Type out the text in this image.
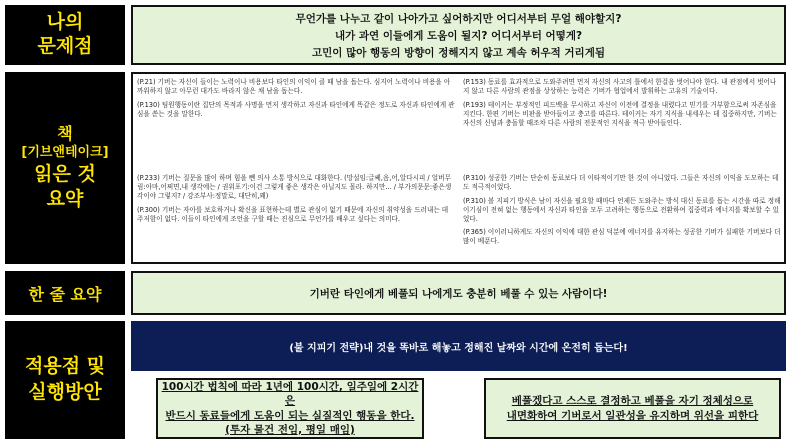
나의
문제점
무언가를 나누고 같이 나아가고 싶어하지만 어디서부터 무얼 해야할지?
내가 과연 이들에게 도움이 될지? 어디서부터 어떻게?
고민이 많아 행동의 방향이 정해지지 않고 계속 허우적 거리게됨
책
[기브앤테이크]
읽은 것
요약

(P.21) 기버는 자신이 들이는 노력이나 비용보다 타인의 이익이 클 때 남을 돕는다. 심지어 노력이나 비용을 아까워하지 않고 아무런 대가도 바라지 않은 채 남을 돕는다.

(P.130) 팀원행동이란 집단의 목적과 사명을 먼저 생각하고 자신과 타인에게 똑같은 정도로 자신과 타인에게 관심을 쏟는 것을 말한다.

(P.153) 동료를 효과적으로 도와주려면 먼저 자신의 사고의 틀에서 한걸음 벗어나야 한다. 내 관점에서 벗어나지 않고 다른 사람의 관점을 상상하는 능력은 기버가 협업에서 발휘하는 고유의 기술이다.

(P.193) 테이커는 부정적인 피드백을 무시하고 자신이 이전에 결정을 내렸다고 믿기를 거부함으로써 자존심을 지킨다. 한편 기버는 비판을 받아들이고 충고를 따른다. 테이커는 자기 지식을 내세우는 데 집중하지만, 기버는 자신의 신념과 충돌할 때조차 다른 사람의 전문적인 지식을 적극 받아들인다.

(P.233) 기버는 질문을 많이 하며 힘을 뺀 의사 소통 방식으로 대화한다. (망설임:글쎄,음,어,알다시피 / 얼버무림:아마,어쩌면,내 생각에는 / 권위포기:이건 그렇게 좋은 생각은 아닐지도 몰라. 하지만... / 부가의문문:좋은생각이야 그렇지? / 강조부사:정말로, 대단히,꽤)

(P.300) 기버는 자아를 보호하거나 확신을 표현하는데 별로 관심이 없기 때문에 자신의 취약성을 드러내는 데 주저함이 없다. 이들이 타인에게 조언을 구할 때는 진심으로 무언가를 배우고 싶다는 의미다.

(P.310) 성공한 기버는 단순히 동료보다 더 이타적이기만 한 것이 아니었다. 그들은 자신의 이익을 도모하는 데도 적극적이었다.

(P.310) 볼 지피기 방식은 남이 자신을 필요할 때마다 언제든 도와주는 방식 대신 동료를 돕는 시간을 따로 정해 이기심이 전혀 없는 행동에서 자신과 타인을 모두 고려하는 행동으로 전환하여 집중력과 에너지를 확보할 수 있었다.

(P.365) 이이러니하게도 자신의 이익에 대한 관심 덕분에 에너지를 유지하는 성공한 기버가 실패한 기버보다 더 많이 베푼다.

한 줄 요약	기버란 타인에게 베풀되 나에게도 충분히 베풀 수 있는 사람이다!
적용점 및
실행방안
(불 지피기 전략)내 것을 똑바로 해놓고 정해진 날짜와 시간에 온전히 돕는다!
100시간 법칙에 따라 1년에 100시간, 일주일에 2시간은
반드시 동료들에게 도움이 되는 실질적인 행동을 한다.
(투자 물건 전임, 평일 매임)
베풀겠다고 스스로 결정하고 베풀을 자기 정체성으로
내면화하여 기버로서 일관성을 유지하며 위선을 피한다
